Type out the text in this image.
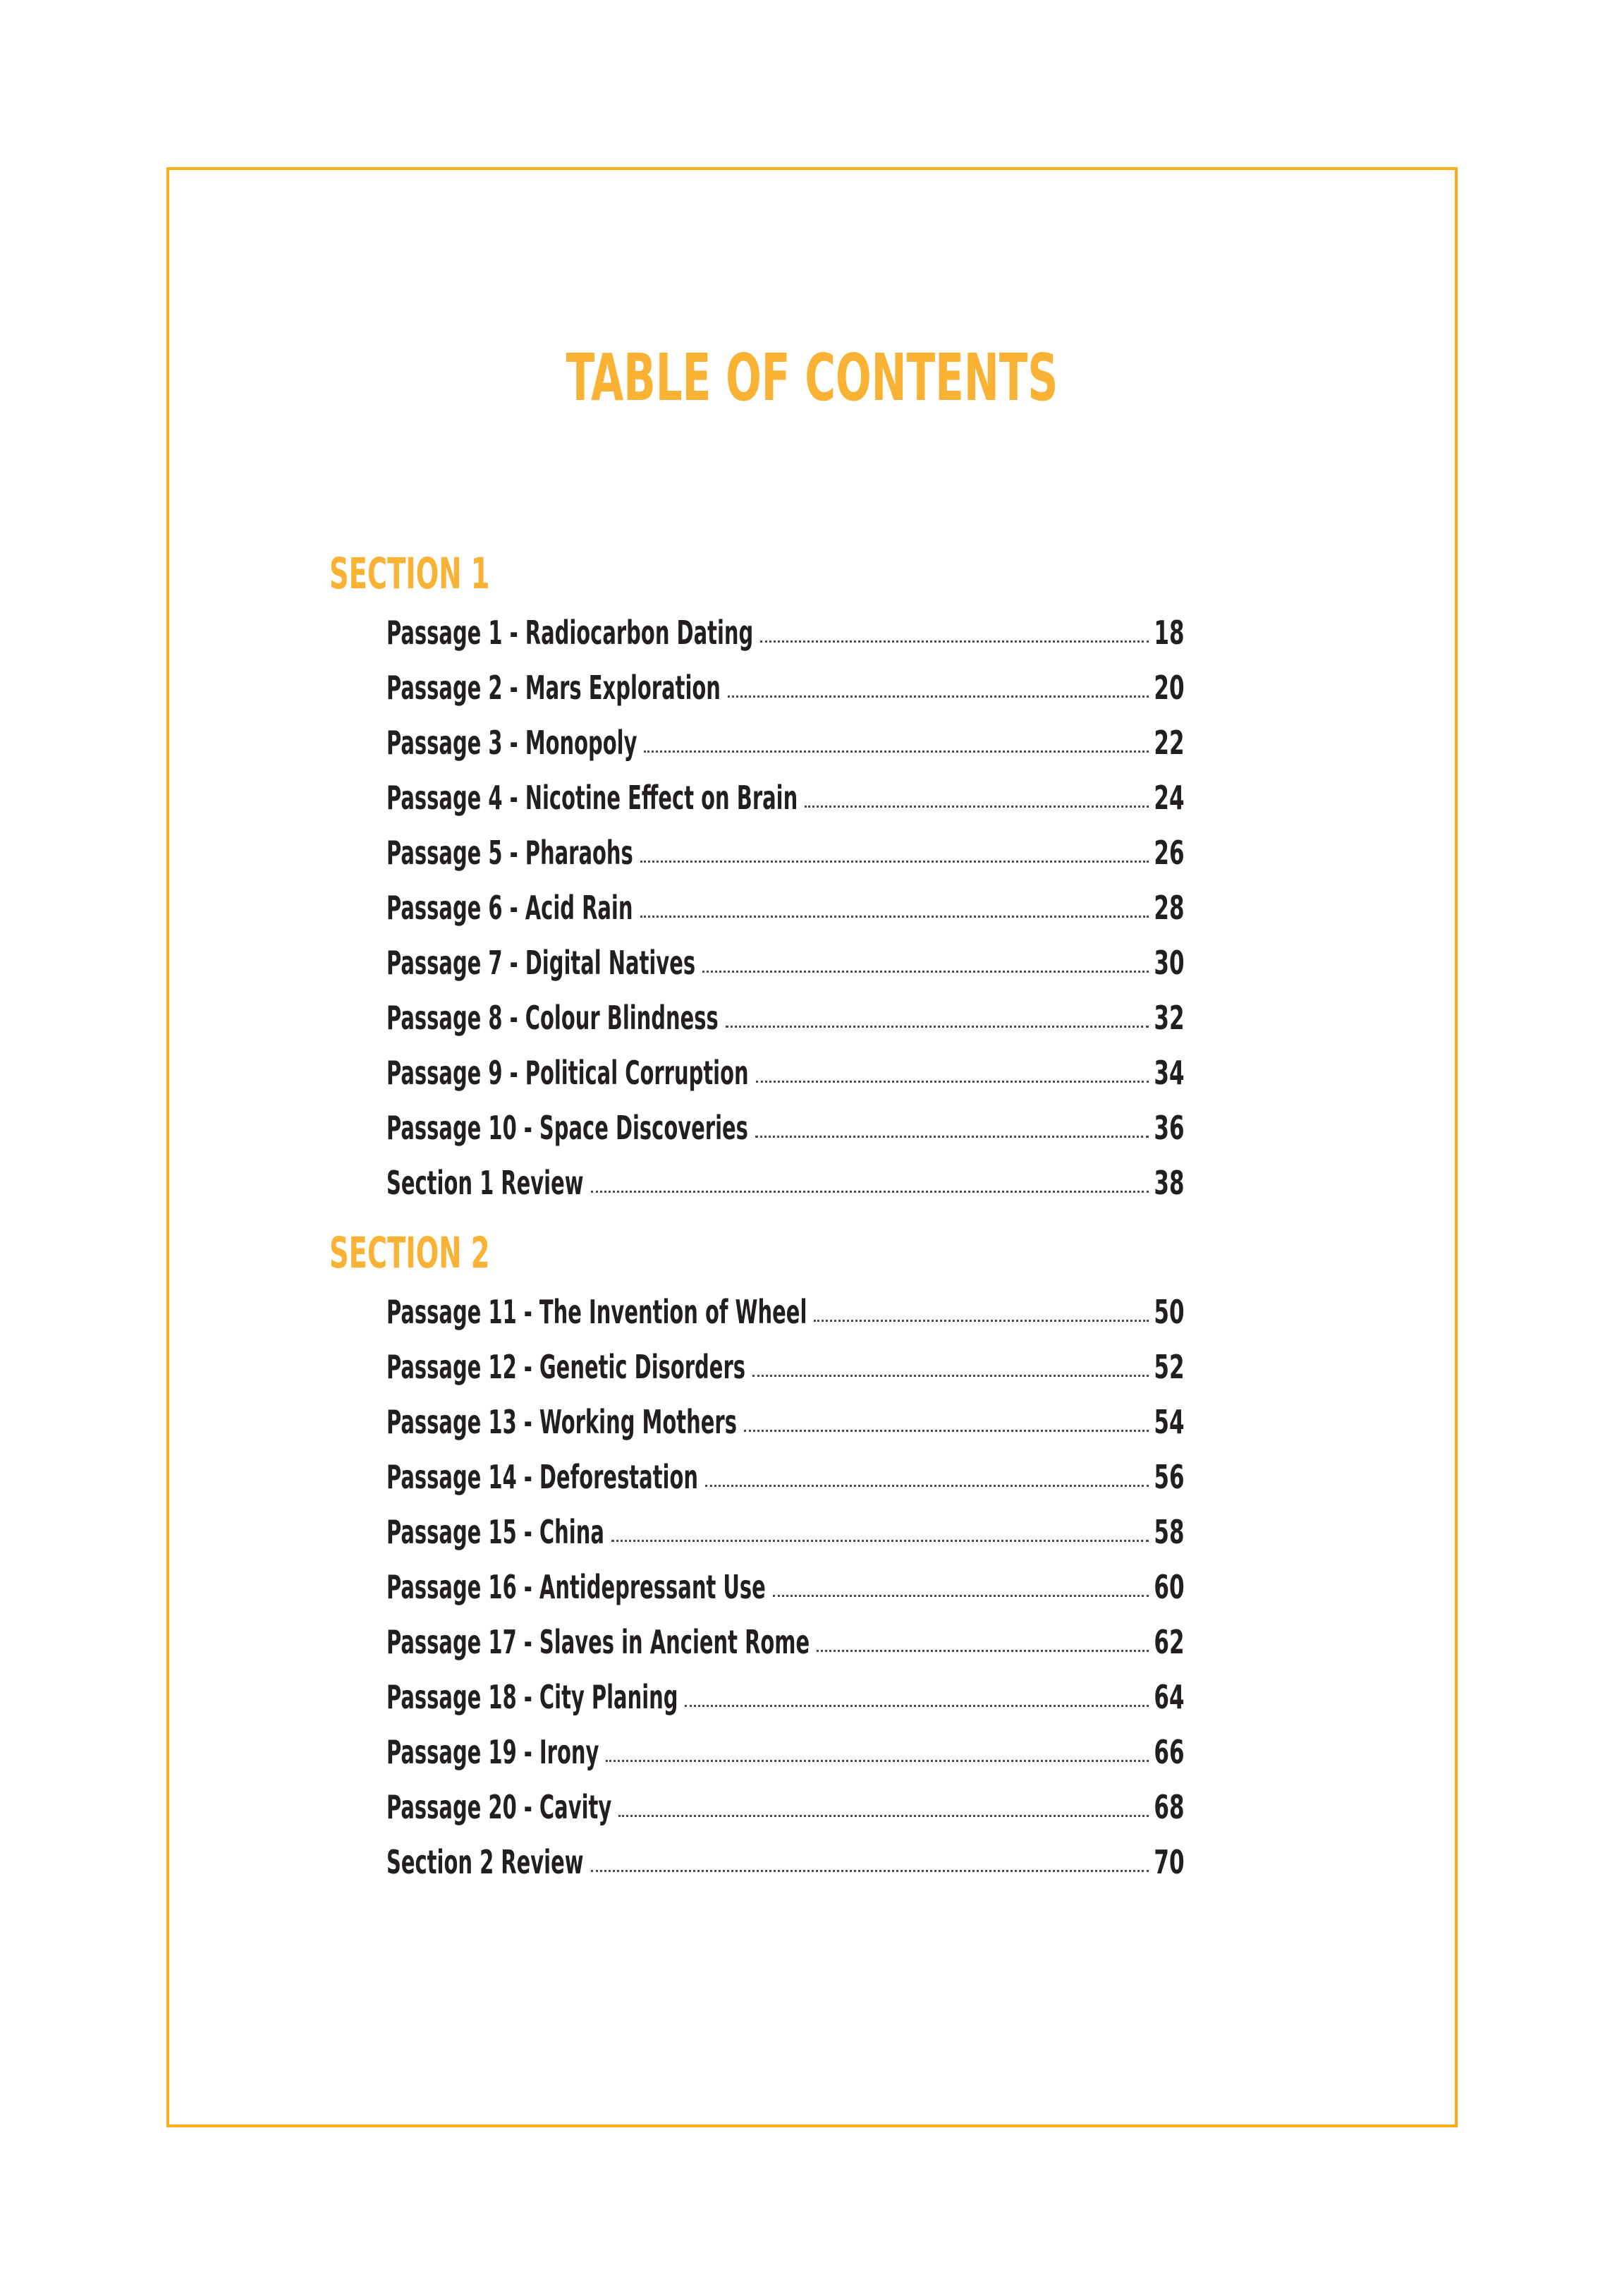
TABLE OF CONTENTS
SECTION 1
Passage 1 - Radiocarbon Dating	18
Passage 2 - Mars Exploration	20
Passage 3 - Monopoly	22
Passage 4 - Nicotine Effect on Brain	24
Passage 5 - Pharaohs	26
Passage 6 - Acid Rain	28
Passage 7 - Digital Natives	30
Passage 8 - Colour Blindness	32
Passage 9 - Political Corruption	34
Passage 10 - Space Discoveries	36
Section 1 Review	38
SECTION 2
Passage 11 - The Invention of Wheel	50
Passage 12 - Genetic Disorders	52
Passage 13 - Working Mothers	54
Passage 14 - Deforestation	56
Passage 15 - China	58
Passage 16 - Antidepressant Use	60
Passage 17 - Slaves in Ancient Rome	62
Passage 18 - City Planing	64
Passage 19 - Irony	66
Passage 20 - Cavity	68
Section 2 Review	70
